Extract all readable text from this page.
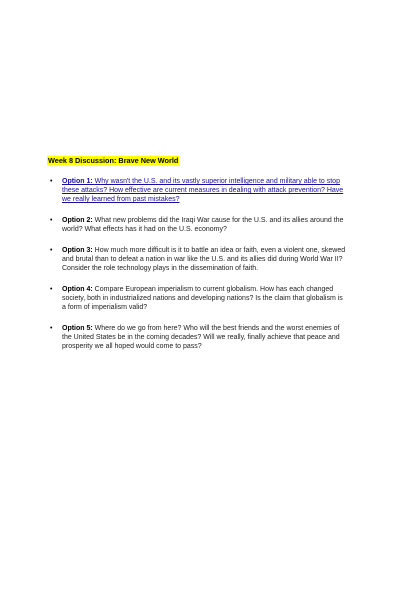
Week 8 Discussion: Brave New World
• Option 1: Why wasn't the U.S. and its vastly superior intelligence and military able to stop these attacks? How effective are current measures in dealing with attack prevention? Have we really learned from past mistakes?
• Option 2: What new problems did the Iraqi War cause for the U.S. and its allies around the world? What effects has it had on the U.S. economy?
• Option 3: How much more difficult is it to battle an idea or faith, even a violent one, skewed and brutal than to defeat a nation in war like the U.S. and its allies did during World War II? Consider the role technology plays in the dissemination of faith.
• Option 4: Compare European imperialism to current globalism. How has each changed society, both in industrialized nations and developing nations? Is the claim that globalism is a form of imperialism valid?
• Option 5: Where do we go from here? Who will the best friends and the worst enemies of the United States be in the coming decades? Will we really, finally achieve that peace and prosperity we all hoped would come to pass?
